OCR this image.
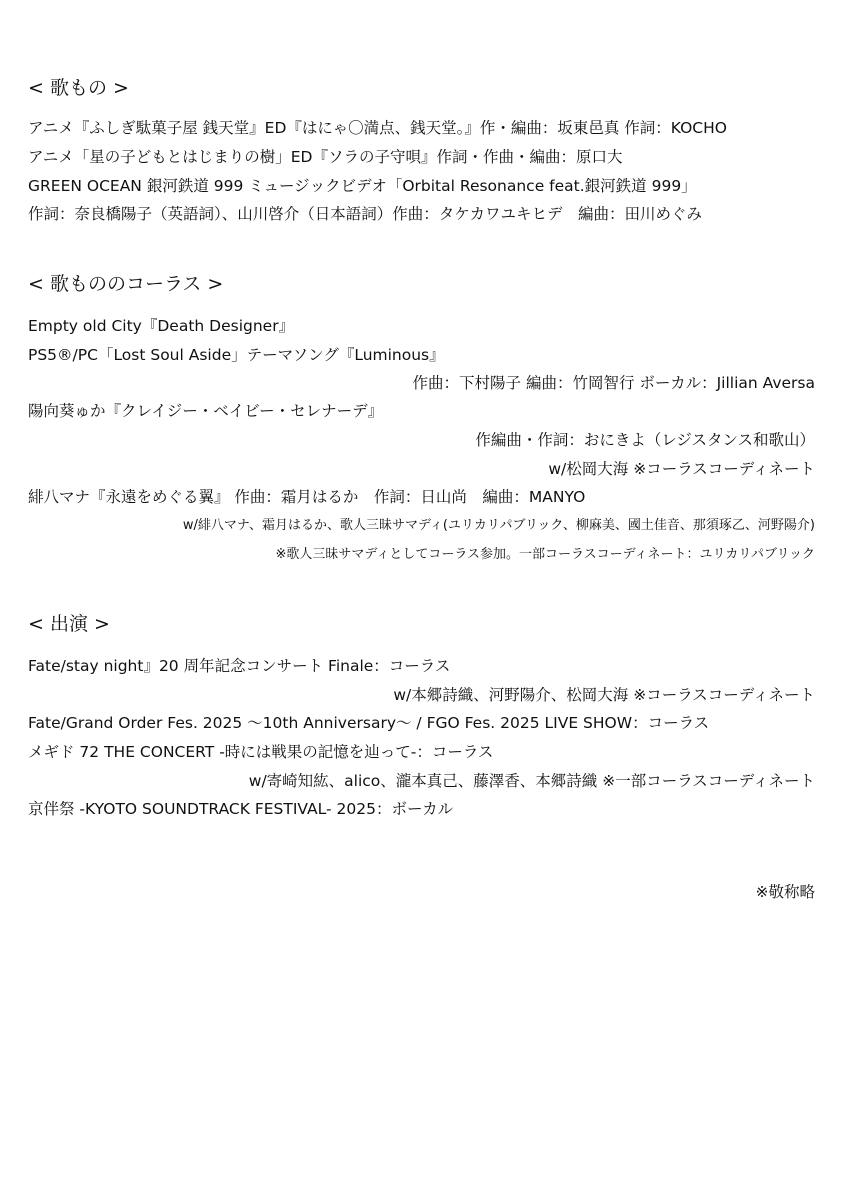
< 歌もの >
アニメ『ふしぎ駄菓子屋 銭天堂』ED『はにゃ〇満点、銭天堂。』作・編曲：坂東邑真 作詞：KOCHO
アニメ「星の子どもとはじまりの樹」ED『ソラの子守唄』作詞・作曲・編曲：原口大
GREEN OCEAN 銀河鉄道 999 ミュージックビデオ「Orbital Resonance feat.銀河鉄道 999」
作詞：奈良橋陽子（英語詞）、山川啓介（日本語詞）作曲：タケカワユキヒデ　編曲：田川めぐみ
< 歌もののコーラス >
Empty old City『Death Designer』
PS5®/PC「Lost Soul Aside」テーマソング『Luminous』
作曲：下村陽子 編曲：竹岡智行 ボーカル：Jillian Aversa
陽向葵ゅか『クレイジー・ベイビー・セレナーデ』
作編曲・作詞：おにきよ（レジスタンス和歌山）
w/松岡大海 ※コーラスコーディネート
緋八マナ『永遠をめぐる翼』 作曲：霜月はるか　作詞：日山尚　編曲：MANYO
w/緋八マナ、霜月はるか、歌人三昧サマディ(ユリカリパブリック、柳麻美、國土佳音、那須琢乙、河野陽介)
※歌人三昧サマディとしてコーラス参加。一部コーラスコーディネート：ユリカリパブリック
< 出演 >
Fate/stay night』20 周年記念コンサート Finale：コーラス
w/本郷詩織、河野陽介、松岡大海 ※コーラスコーディネート
Fate/Grand Order Fes. 2025 〜10th Anniversary〜 / FGO Fes. 2025 LIVE SHOW：コーラス
メギド 72 THE CONCERT -時には戦果の記憶を辿って-：コーラス
w/寄崎知紘、alico、瀧本真己、藤澤香、本郷詩織 ※一部コーラスコーディネート
京伴祭 -KYOTO SOUNDTRACK FESTIVAL- 2025：ボーカル
※敬称略
